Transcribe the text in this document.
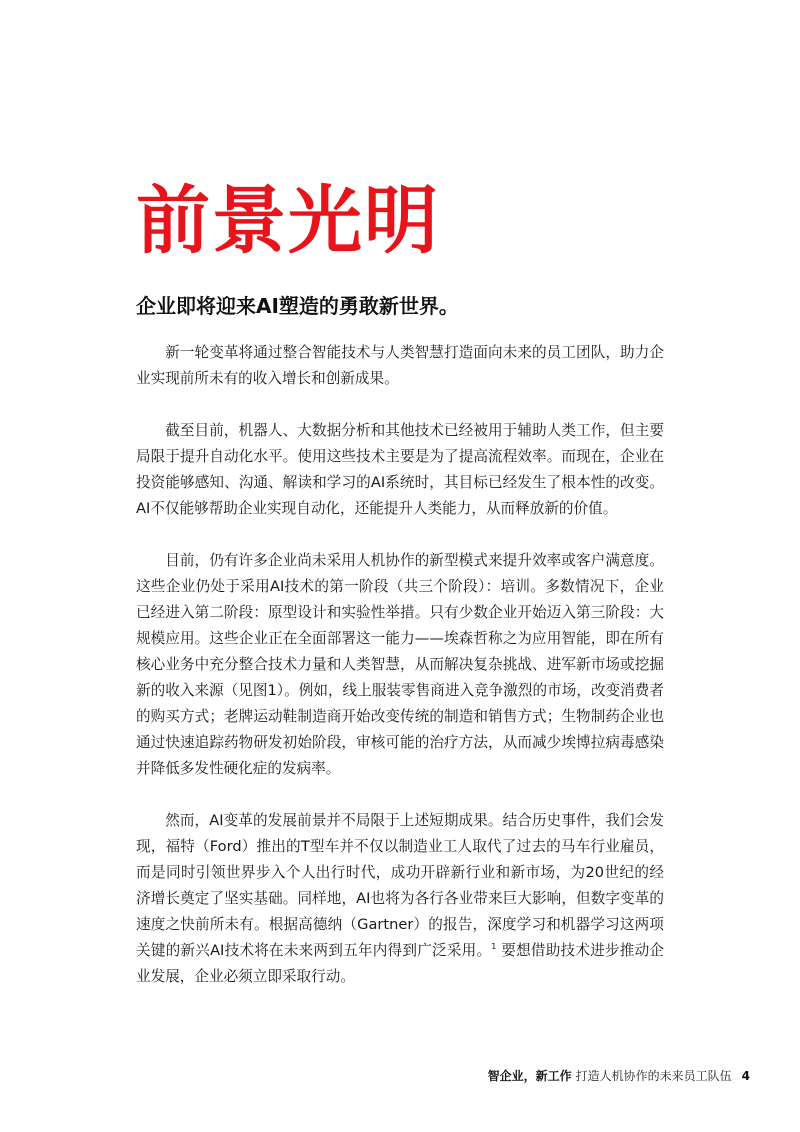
前景光明
企业即将迎来AI塑造的勇敢新世界。

新一轮变革将通过整合智能技术与人类智慧打造面向未来的员工团队，助力企业实现前所未有的收入增长和创新成果。

截至目前，机器人、大数据分析和其他技术已经被用于辅助人类工作，但主要局限于提升自动化水平。使用这些技术主要是为了提高流程效率。而现在，企业在投资能够感知、沟通、解读和学习的AI系统时，其目标已经发生了根本性的改变。AI不仅能够帮助企业实现自动化，还能提升人类能力，从而释放新的价值。

目前，仍有许多企业尚未采用人机协作的新型模式来提升效率或客户满意度。这些企业仍处于采用AI技术的第一阶段（共三个阶段）：培训。多数情况下，企业已经进入第二阶段：原型设计和实验性举措。只有少数企业开始迈入第三阶段：大规模应用。这些企业正在全面部署这一能力——埃森哲称之为应用智能，即在所有核心业务中充分整合技术力量和人类智慧，从而解决复杂挑战、进军新市场或挖掘新的收入来源（见图1）。例如，线上服装零售商进入竞争激烈的市场，改变消费者的购买方式；老牌运动鞋制造商开始改变传统的制造和销售方式；生物制药企业也通过快速追踪药物研发初始阶段，审核可能的治疗方法，从而减少埃博拉病毒感染并降低多发性硬化症的发病率。

然而，AI变革的发展前景并不局限于上述短期成果。结合历史事件，我们会发现，福特（Ford）推出的T型车并不仅以制造业工人取代了过去的马车行业雇员，而是同时引领世界步入个人出行时代，成功开辟新行业和新市场，为20世纪的经济增长奠定了坚实基础。同样地，AI也将为各行各业带来巨大影响，但数字变革的速度之快前所未有。根据高德纳（Gartner）的报告，深度学习和机器学习这两项关键的新兴AI技术将在未来两到五年内得到广泛采用。$^1$ 要想借助技术进步推动企业发展，企业必须立即采取行动。

智企业，新工作 打造人机协作的未来员工队伍 4
